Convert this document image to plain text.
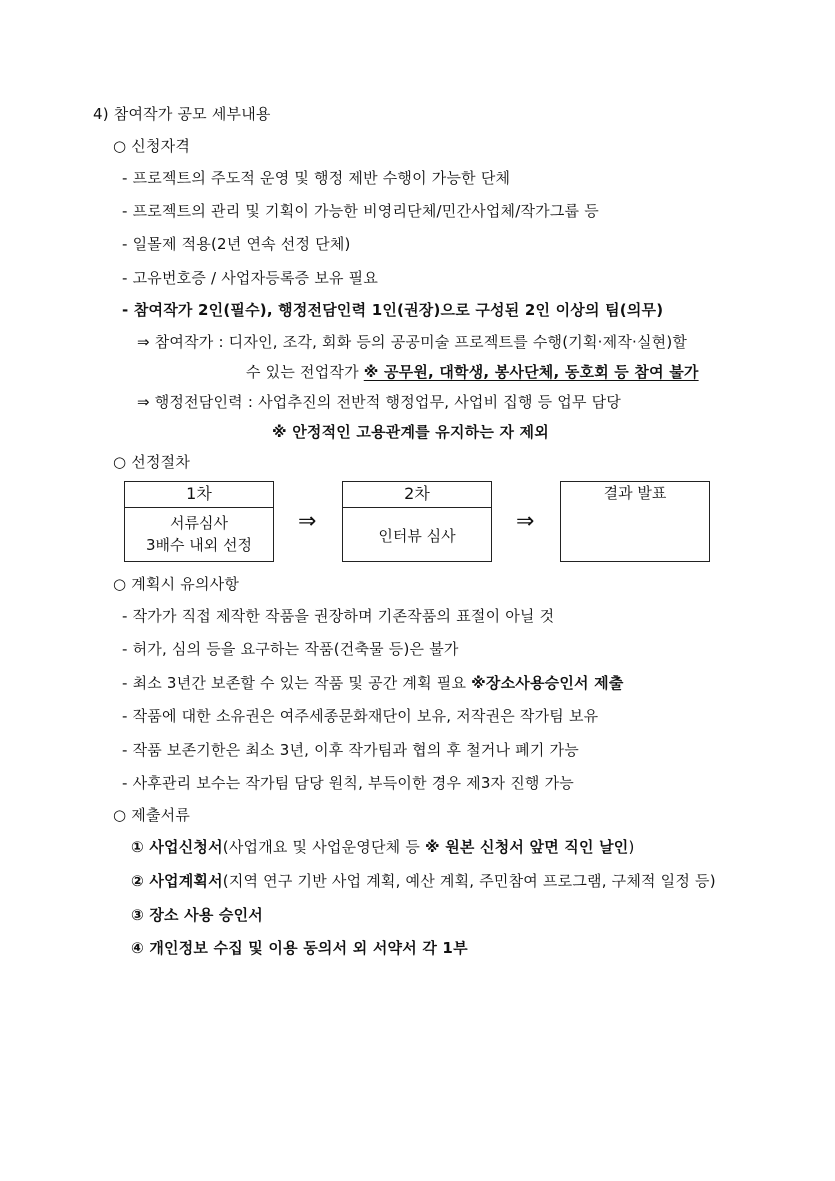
4) 참여작가 공모 세부내용
○ 신청자격
- 프로젝트의 주도적 운영 및 행정 제반 수행이 가능한 단체
- 프로젝트의 관리 및 기획이 가능한 비영리단체/민간사업체/작가그룹 등
- 일몰제 적용(2년 연속 선정 단체)
- 고유번호증 / 사업자등록증 보유 필요
- 참여작가 2인(필수), 행정전담인력 1인(권장)으로 구성된 2인 이상의 팀(의무)
⇒ 참여작가 : 디자인, 조각, 회화 등의 공공미술 프로젝트를 수행(기획·제작·실현)할
수 있는 전업작가 ※ 공무원, 대학생, 봉사단체, 동호회 등 참여 불가
⇒ 행정전담인력 : 사업추진의 전반적 행정업무, 사업비 집행 등 업무 담당
※ 안정적인 고용관계를 유지하는 자 제외
○ 선정절차
1차
서류심사
3배수 내외 선정
⇒
2차
인터뷰 심사
⇒
결과 발표
○ 계획시 유의사항
- 작가가 직접 제작한 작품을 권장하며 기존작품의 표절이 아닐 것
- 허가, 심의 등을 요구하는 작품(건축물 등)은 불가
- 최소 3년간 보존할 수 있는 작품 및 공간 계획 필요 ※장소사용승인서 제출
- 작품에 대한 소유권은 여주세종문화재단이 보유, 저작권은 작가팀 보유
- 작품 보존기한은 최소 3년, 이후 작가팀과 협의 후 철거나 폐기 가능
- 사후관리 보수는 작가팀 담당 원칙, 부득이한 경우 제3자 진행 가능
○ 제출서류
① 사업신청서(사업개요 및 사업운영단체 등 ※ 원본 신청서 앞면 직인 날인)
② 사업계획서(지역 연구 기반 사업 계획, 예산 계획, 주민참여 프로그램, 구체적 일정 등)
③ 장소 사용 승인서
④ 개인정보 수집 및 이용 동의서 외 서약서 각 1부
